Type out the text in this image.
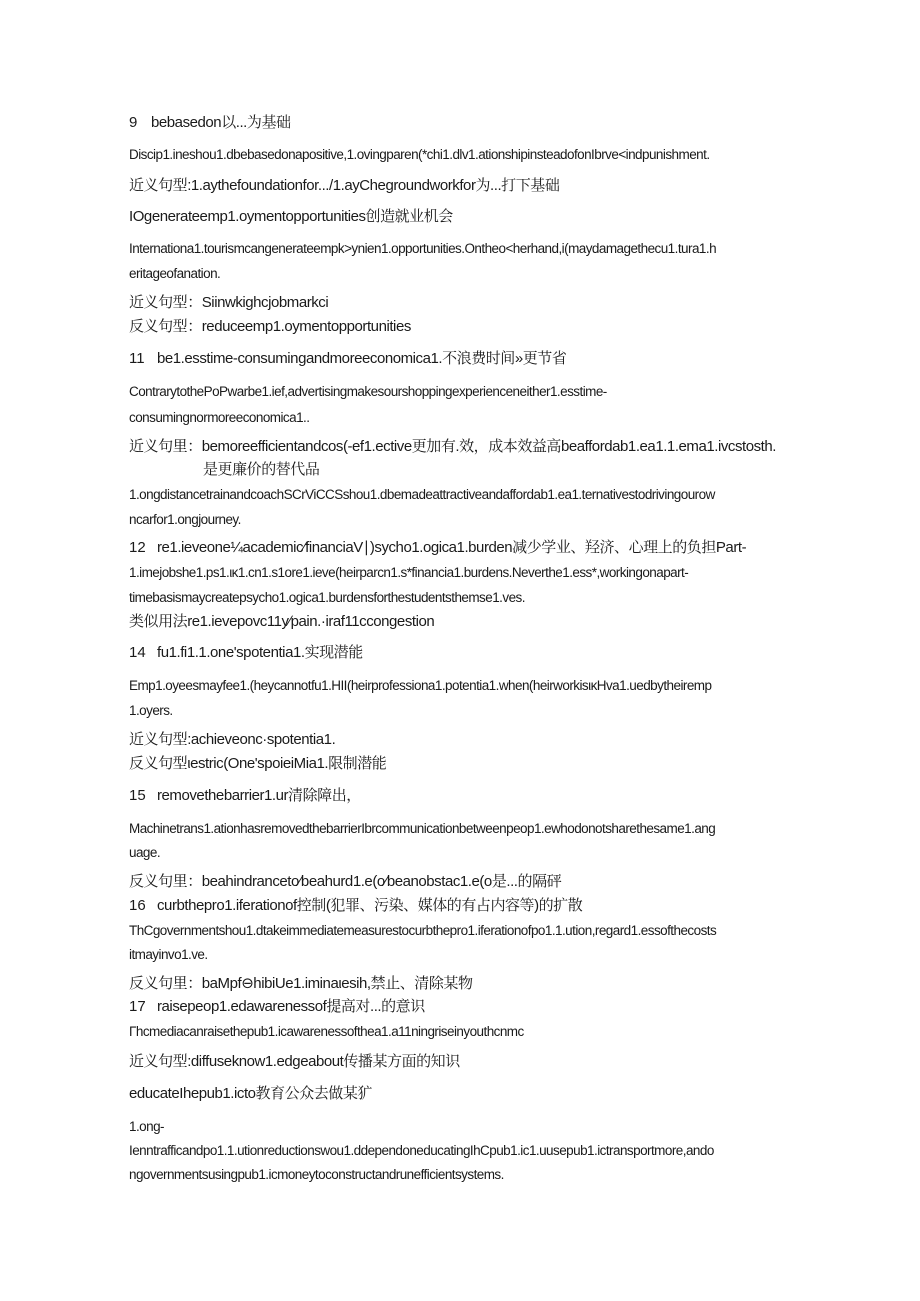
9 bebasedon以...为基础
Discip1.ineshou1.dbebasedonapositive,1.ovingparen(*chi1.dlv1.ationshipinsteadofonIbrve<indpunishment.
近义句型:1.aythefoundationfor.../1.ayChegroundworkfor为...打下基础
IOgenerateemp1.oymentopportunities创造就业机会
Internationa1.tourismcangenerateempk>ynien1.opportunities.Ontheo<herhand,i(maydamagethecu1.tura1.h
eritageofanation.
近义句型：Siinwkighcjobmarkci
反义句型：reduceemp1.oymentopportunities
11 be1.esstime-consumingandmoreeconomica1.不浪费时间»更节省
ContrarytothePoPwarbe1.ief,advertisingmakesourshoppingexperienceneither1.esstime-
consumingnormoreeconomica1..
近义句里：bemoreefficientandcos(-ef1.ective更加有.效，成本效益高beaffordab1.ea1.1.ema1.ivcstosth.
是更廉价的替代品
1.ongdistancetrainandcoachSCrViCCSshou1.dbemadeattractiveandaffordab1.ea1.ternativestodrivingourow
ncarfor1.ongjourney.
12 re1.ieveone¼academic∕financiaV∣)sycho1.ogica1.burden减少学业、羟济、心理上的负担Part-
1.imejobshe1.ps1.ικ1.cn1.s1ore1.ieve(heirparcn1.s*financia1.burdens.Neverthe1.ess*,workingonapart-
timebasismaycreatepsycho1.ogica1.burdensforthestudentsthemse1.ves.
类似用法re1.ievepovc11y∕pain.·iraf11ccongestion
14 fu1.fi1.1.one'spotentia1.实现潜能
Emp1.oyeesmayfee1.(heycannotfu1.HII(heirprofessiona1.potentia1.when(heirworkisικHva1.uedbytheiremp
1.oyers.
近义句型:achieveonc·spotentia1.
反义句型ιestric(One'spoieiMia1.限制潜能
15 removethebarrier1.ur清除障出，
Machinetrans1.ationhasremovedthebarrierIbrcommunicationbetweenpeop1.ewhodonotsharethesame1.ang
uage.
反义句里：beahindranceto∕beahurd1.e(o∕beanobstac1.e(o是...的隔砰
16 curbthepro1.iferationof控制(犯罪、污染、媒体的有占内容等)的扩散
ThCgovernmentshou1.dtakeimmediatemeasurestocurbthepro1.iferationofpo1.1.ution,regard1.essofthecosts
itmayinvo1.ve.
反义句里：baMpf⊖hibiUe1.iminaιesih,禁止、清除某物
17 raisepeop1.edawarenessof提高对...的意识
Γhcmediacanraisethepub1.icawarenessofthea1.a11ningriseinyouthcnmc
近义句型:diffuseknow1.edgeabout传播某方面的知识
educateIhepub1.icto教育公众去做某犷
1.ong-
Ienntrafficandpo1.1.utionreductionswou1.ddependoneducatingIhCpub1.ic1.uusepub1.ictransportmore,ando
ngovernmentsusingpub1.icmoneytoconstructandrunefficientsystems.
